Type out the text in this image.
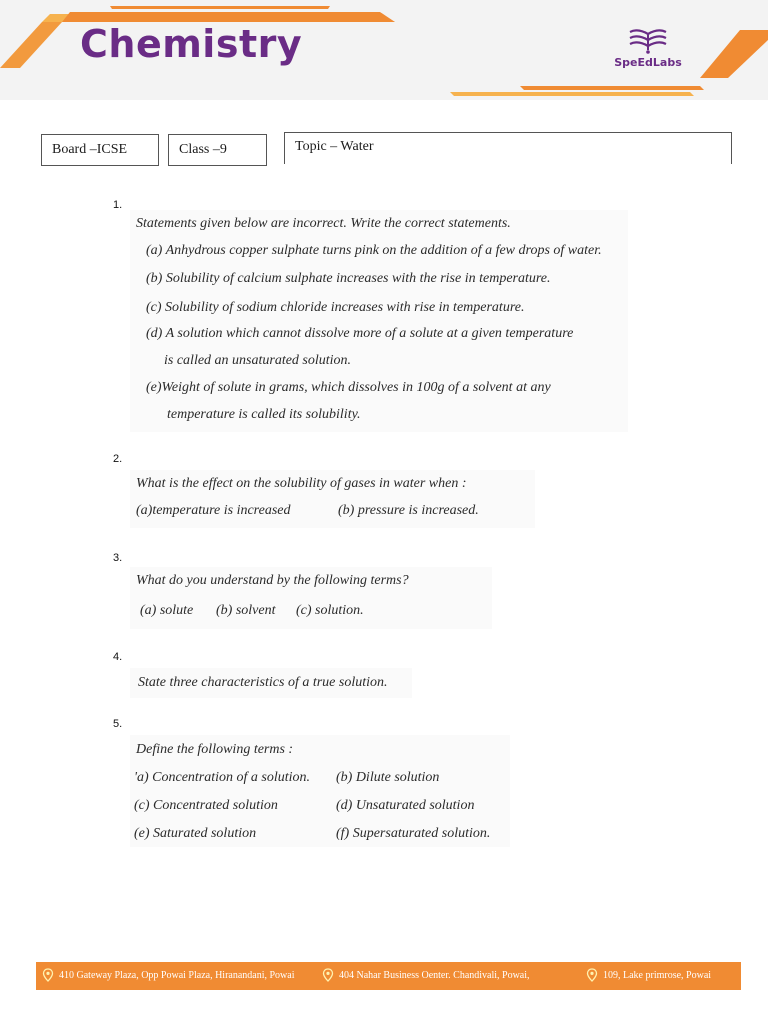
Chemistry	SpeEdLabs
Board –ICSE	Class –9	Topic – Water
1.
Statements given below are incorrect. Write the correct statements.
(a) Anhydrous copper sulphate turns pink on the addition of a few drops of water.
(b) Solubility of calcium sulphate increases with the rise in temperature.
(c) Solubility of sodium chloride increases with rise in temperature.
(d) A solution which cannot dissolve more of a solute at a given temperature
is called an unsaturated solution.
(e)Weight of solute in grams, which dissolves in 100g of a solvent at any
temperature is called its solubility.
2.
What is the effect on the solubility of gases in water when :
(a)temperature is increased	(b) pressure is increased.
3.
What do you understand by the following terms?
(a) solute (b) solvent (c) solution.
4.
State three characteristics of a true solution.
5.
Define the following terms :
'a) Concentration of a solution. (b) Dilute solution
(c) Concentrated solution	(d) Unsaturated solution
(e) Saturated solution	(f) Supersaturated solution.
410 Gateway Plaza, Opp Powai Plaza, Hiranandani, Powai	404 Nahar Business Oenter. Chandivali, Powai,	109, Lake primrose, Powai
